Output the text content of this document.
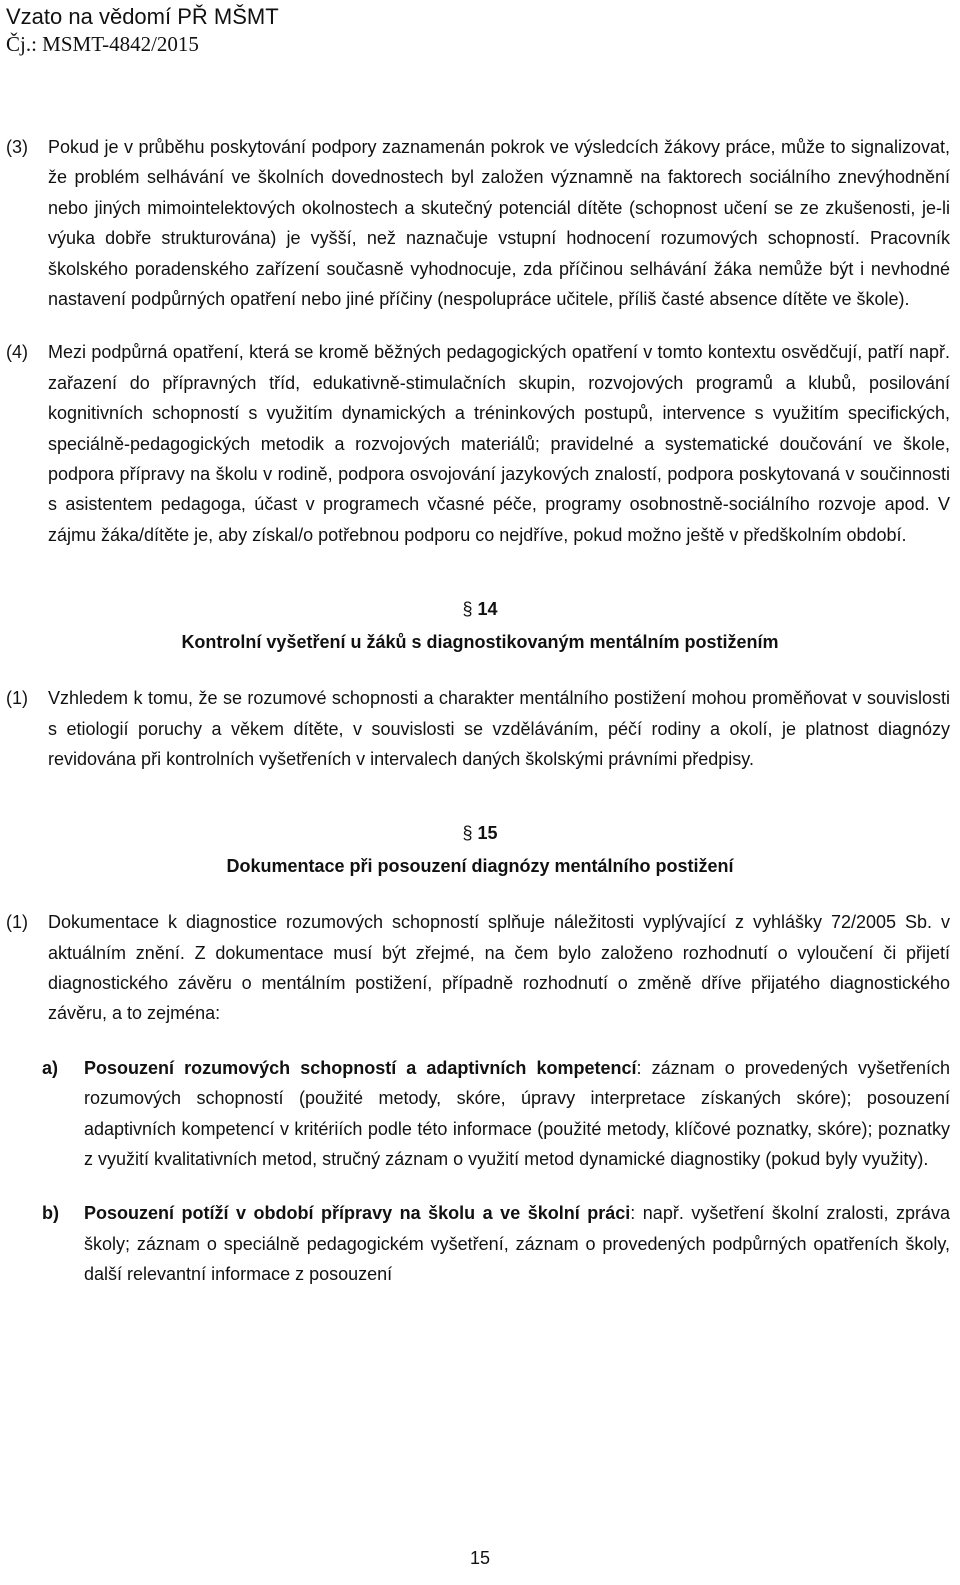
Vzato na vědomí PŘ MŠMT
Čj.: MSMT-4842/2015
(3)	Pokud je v průběhu poskytování podpory zaznamenán pokrok ve výsledcích žákovy práce, může to signalizovat, že problém selhávání ve školních dovednostech byl založen významně na faktorech sociálního znevýhodnění nebo jiných mimointelektových okolnostech a skutečný potenciál dítěte (schopnost učení se ze zkušenosti, je-li výuka dobře strukturována) je vyšší, než naznačuje vstupní hodnocení rozumových schopností. Pracovník školského poradenského zařízení současně vyhodnocuje, zda příčinou selhávání žáka nemůže být i nevhodné nastavení podpůrných opatření nebo jiné příčiny (nespolupráce učitele, příliš časté absence dítěte ve škole).
(4)	Mezi podpůrná opatření, která se kromě běžných pedagogických opatření v tomto kontextu osvědčují, patří např. zařazení do přípravných tříd, edukativně-stimulačních skupin, rozvojových programů a klubů, posilování kognitivních schopností s využitím dynamických a tréninkových postupů, intervence s využitím specifických, speciálně-pedagogických metodik a rozvojových materiálů; pravidelné a systematické doučování ve škole, podpora přípravy na školu v rodině, podpora osvojování jazykových znalostí, podpora poskytovaná v součinnosti s asistentem pedagoga, účast v programech včasné péče, programy osobnostně-sociálního rozvoje apod. V zájmu žáka/dítěte je, aby získal/o potřebnou podporu co nejdříve, pokud možno ještě v předškolním období.
§ 14
Kontrolní vyšetření u žáků s diagnostikovaným mentálním postižením
(1)	Vzhledem k tomu, že se rozumové schopnosti a charakter mentálního postižení mohou proměňovat v souvislosti s etiologií poruchy a věkem dítěte, v souvislosti se vzděláváním, péčí rodiny a okolí, je platnost diagnózy revidována při kontrolních vyšetřeních v intervalech daných školskými právními předpisy.
§ 15
Dokumentace při posouzení diagnózy mentálního postižení
(1)	Dokumentace k diagnostice rozumových schopností splňuje náležitosti vyplývající z vyhlášky 72/2005 Sb. v aktuálním znění. Z dokumentace musí být zřejmé, na čem bylo založeno rozhodnutí o vyloučení či přijetí diagnostického závěru o mentálním postižení, případně rozhodnutí o změně dříve přijatého diagnostického závěru, a to zejména:
a)	Posouzení rozumových schopností a adaptivních kompetencí: záznam o provedených vyšetřeních rozumových schopností (použité metody, skóre, úpravy interpretace získaných skóre); posouzení adaptivních kompetencí v kritériích podle této informace (použité metody, klíčové poznatky, skóre); poznatky z využití kvalitativních metod, stručný záznam o využití metod dynamické diagnostiky (pokud byly využity).
b)	Posouzení potíží v období přípravy na školu a ve školní práci: např. vyšetření školní zralosti, zpráva školy; záznam o speciálně pedagogickém vyšetření, záznam o provedených podpůrných opatřeních školy, další relevantní informace z posouzení
15
